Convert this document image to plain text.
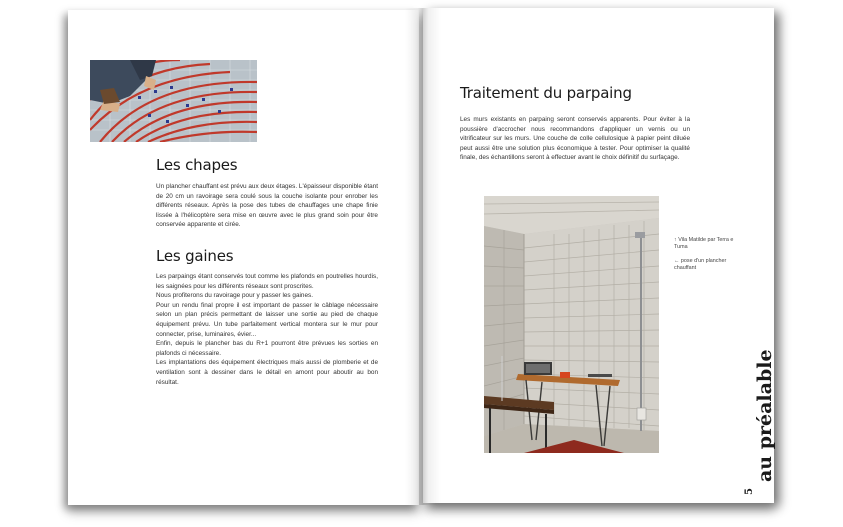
Les chapes

Un plancher chauffant est prévu aux deux étages. L'épaisseur disponible étant de 20 cm un ravoirage sera coulé sous la couche isolante pour enrober les différents réseaux. Après la pose des tubes de chauffages une chape finie lissée à l'hélicoptère sera mise en œuvre avec le plus grand soin pour être conservée apparente et cirée.

Les gaines
Les parpaings étant conservés tout comme les plafonds en poutrelles hourdis, les saignées pour les différents réseaux sont proscrites.
Nous profiterons du ravoirage pour y passer les gaines.
Pour un rendu final propre il est important de passer le câblage nécessaire selon un plan précis permettant de laisser une sortie au pied de chaque équipement prévu. Un tube parfaitement vertical montera sur le mur pour connecter, prise, luminaires, évier...
Enfin, depuis le plancher bas du R+1 pourront être prévues les sorties en plafonds ci nécessaire.
Les implantations des équipement électriques mais aussi de plomberie et de ventilation sont à dessiner dans le détail en amont pour aboutir au bon résultat.
Traitement du parpaing

Les murs existants en parpaing seront conservés apparents. Pour éviter à la poussière d'accrocher nous recommandons d'appliquer un vernis ou un vitrificateur sur les murs. Une couche de colle cellulosique à papier peint diluée peut aussi être une solution plus économique à tester. Pour optimiser la qualité finale, des échantillons seront à effectuer avant le choix définitif du surfaçage.

↑ Vila Matilde par Terra e Tuma

← pose d'un plancher chauffant

au préalable
5
